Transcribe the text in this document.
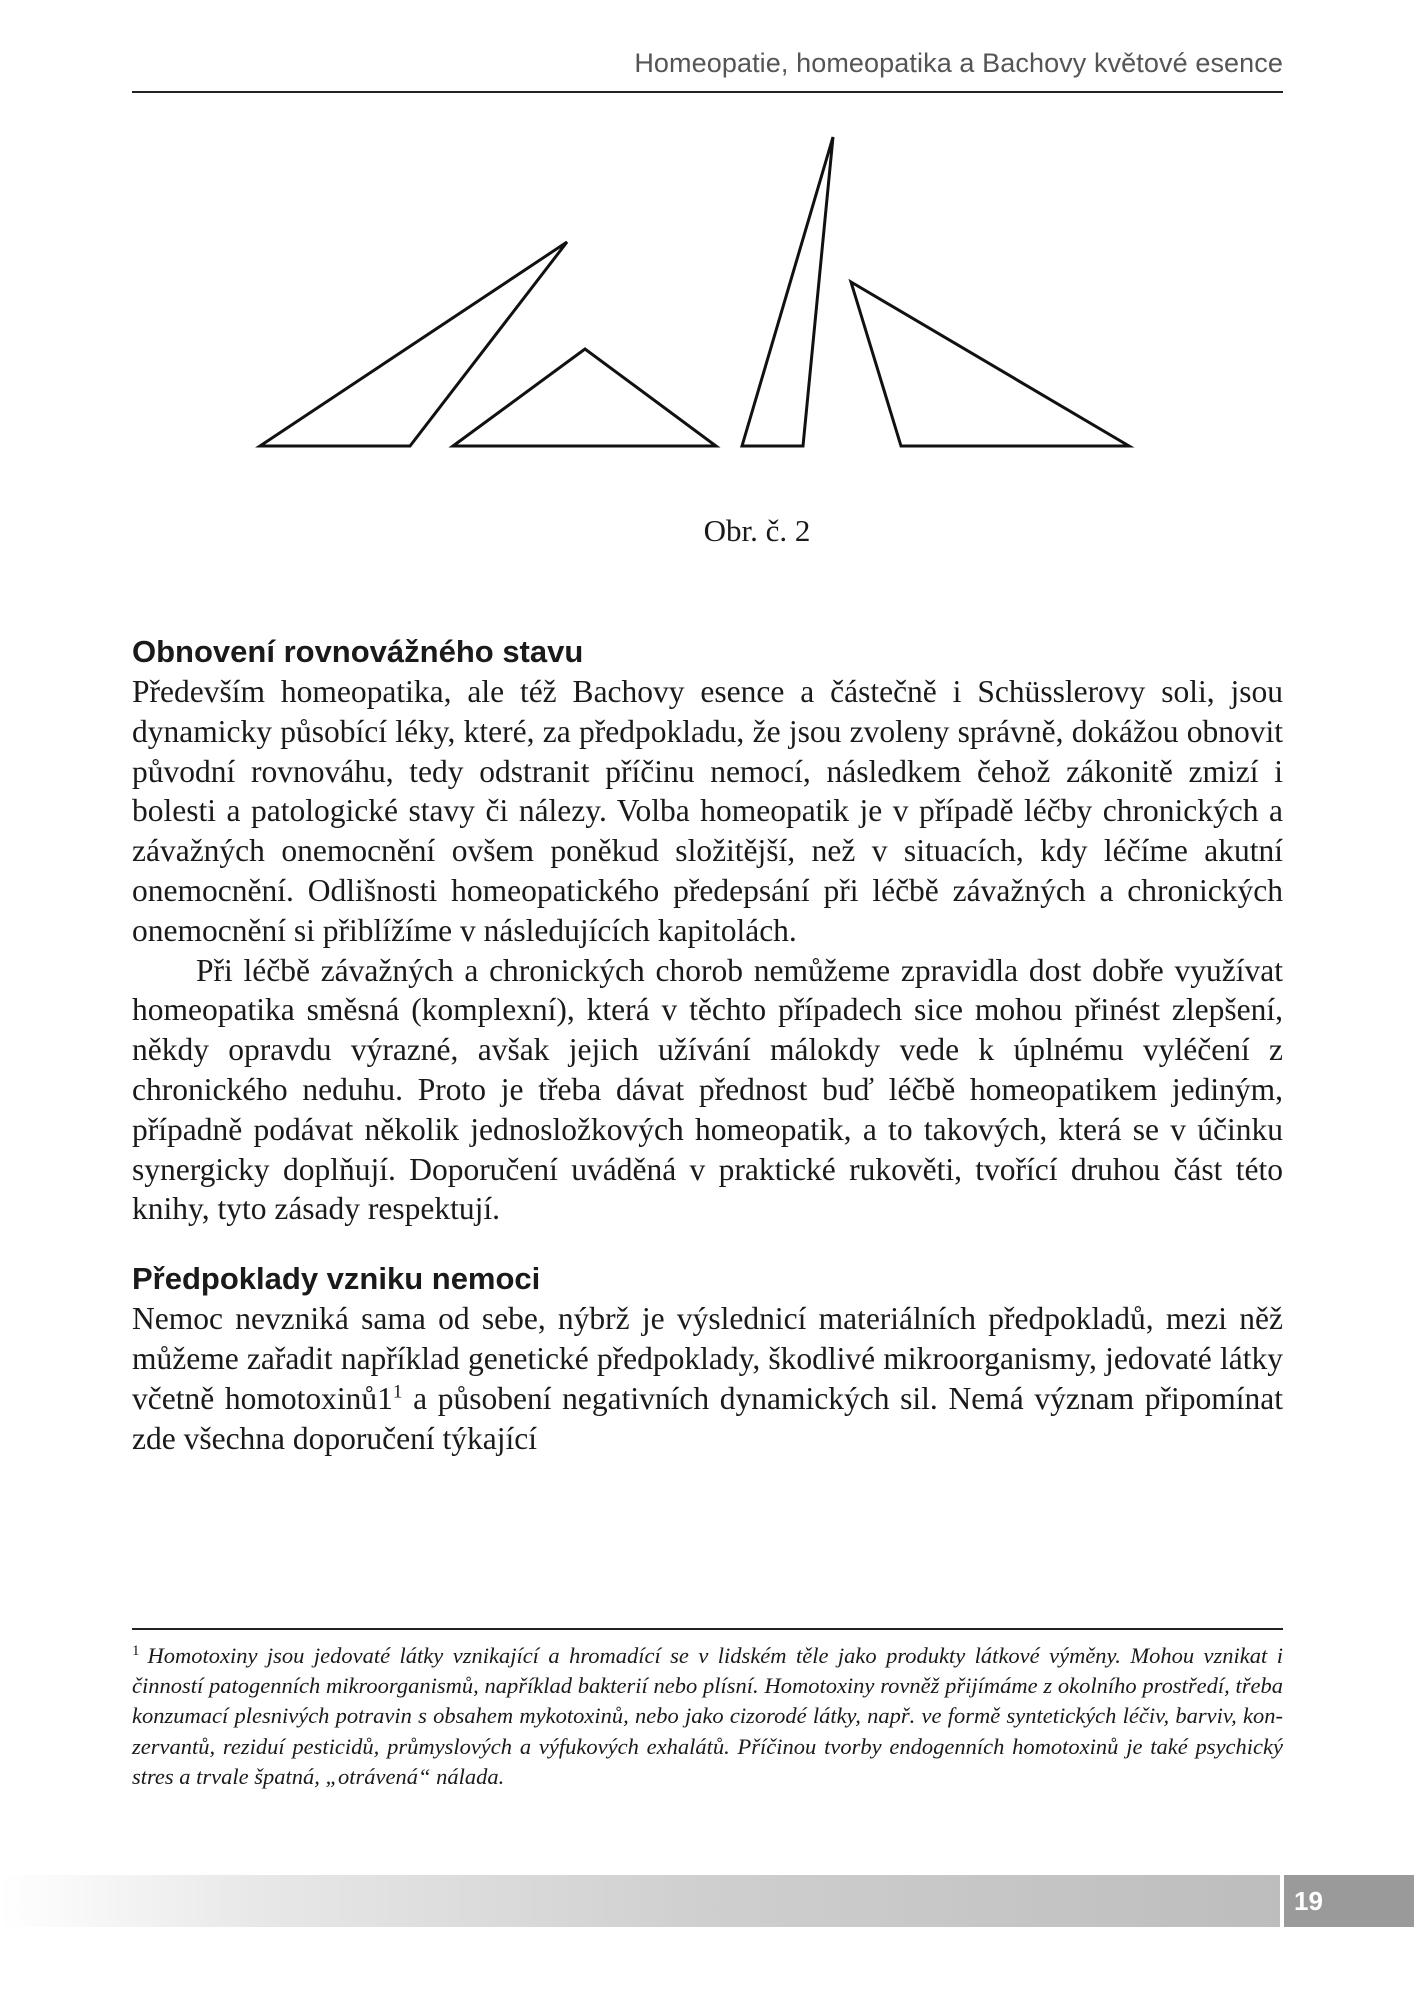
Homeopatie, homeopatika a Bachovy květové esence
Obr. č. 2
Obnovení rovnovážného stavu

Především homeopatika, ale též Bachovy esence a částečně i Schüsslerovy soli, jsou dynamicky působící léky, které, za předpokladu, že jsou zvoleny správně, dokážou obnovit původní rovnováhu, tedy odstranit příčinu nemocí, následkem čehož zákonitě zmizí i bolesti a patologické stavy či nálezy. Volba homeopatik je v případě léčby chronických a závažných onemocnění ovšem poněkud složitější, než v situacích, kdy léčíme akutní onemocnění. Odlišnosti homeopatického předepsání při léčbě závažných a chronických onemocnění si přiblížíme v následujících kapitolách.

Při léčbě závažných a chronických chorob nemůžeme zpravidla dost dobře využívat homeopatika směsná (komplexní), která v těchto případech sice mohou přinést zlepšení, někdy opravdu výrazné, avšak jejich užívání málokdy vede k úplnému vyléčení z chronického neduhu. Proto je třeba dávat přednost buď léčbě homeopatikem jediným, případně podávat několik jednosložkových homeopatik, a to takových, která se v účinku synergicky doplňují. Doporučení uváděná v praktické rukověti, tvořící druhou část této knihy, tyto zásady respektují.

Předpoklady vzniku nemoci

Nemoc nevzniká sama od sebe, nýbrž je výslednicí materiálních předpokladů, mezi něž můžeme zařadit například genetické předpoklady, škodlivé mikroorganismy, jedovaté látky včetně $homotoxinů1^1$ a působení negativních dynamických sil. Nemá význam připomínat zde všechna doporučení týkající

$^1$ Homotoxiny jsou jedovaté látky vznikající a hromadící se v lidském těle jako produkty látkové výměny. Mohou vznikat i činností patogenních mikroorganismů, například bakterií nebo plísní. Homotoxiny rovněž přijímáme z okolního prostředí, třeba konzumací plesnivých potravin s obsahem mykotoxinů, nebo jako cizorodé látky, např. ve formě syntetických léčiv, barviv, konzervantů, reziduí pesticidů, průmyslových a výfukových exhalátů. Příčinou tvorby endogenních homotoxinů je také psychický stres a trvale špatná, „otrávená“ nálada.
19
